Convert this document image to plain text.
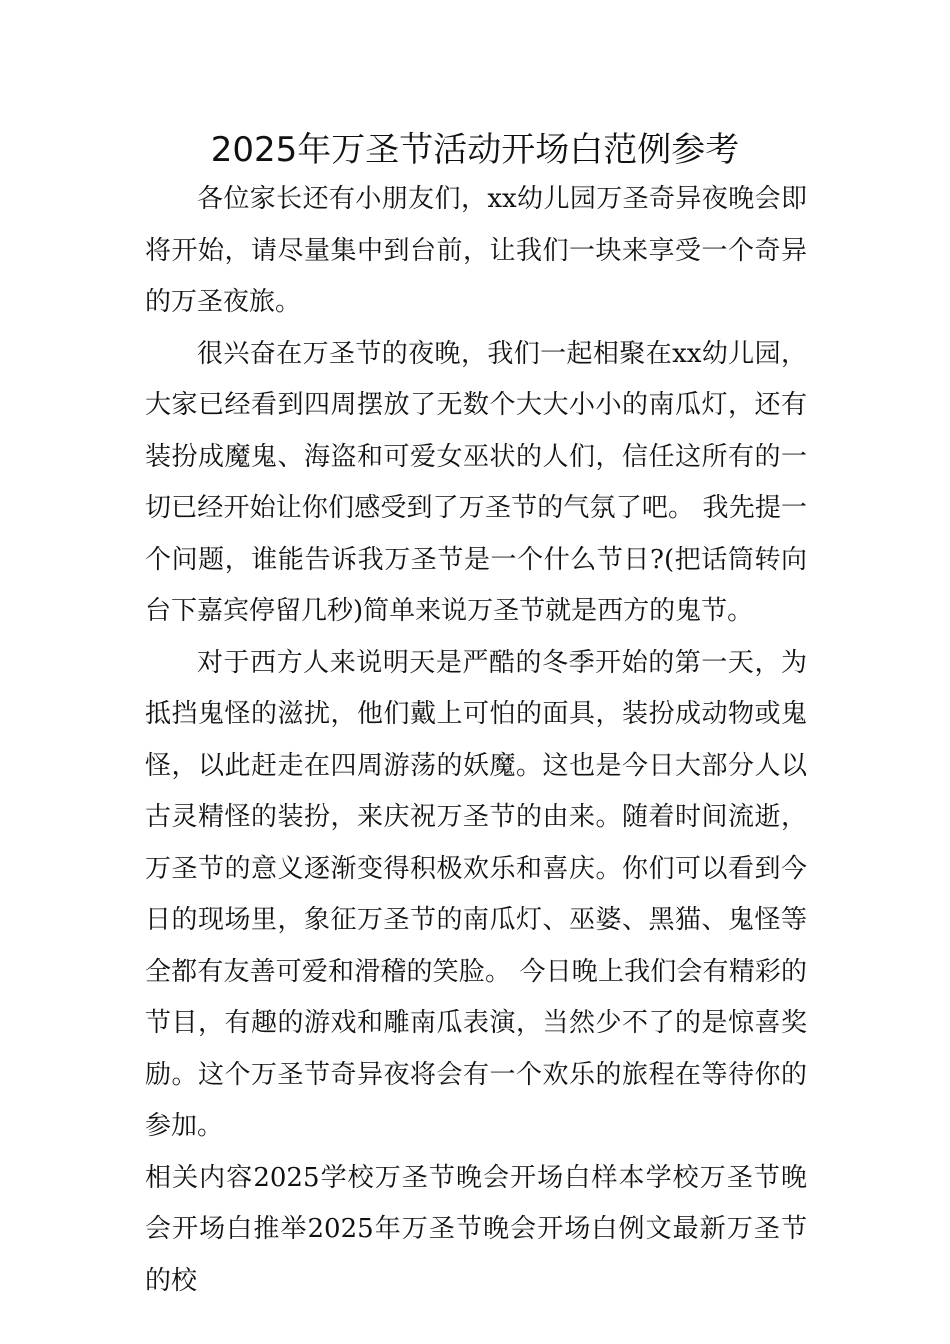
2025年万圣节活动开场白范例参考

各位家长还有小朋友们，xx幼儿园万圣奇异夜晚会即将开始，请尽量集中到台前，让我们一块来享受一个奇异的万圣夜旅。

很兴奋在万圣节的夜晚，我们一起相聚在xx幼儿园，大家已经看到四周摆放了无数个大大小小的南瓜灯，还有装扮成魔鬼、海盗和可爱女巫状的人们，信任这所有的一切已经开始让你们感受到了万圣节的气氛了吧。 我先提一个问题，谁能告诉我万圣节是一个什么节日?(把话筒转向台下嘉宾停留几秒)简单来说万圣节就是西方的鬼节。

对于西方人来说明天是严酷的冬季开始的第一天，为抵挡鬼怪的滋扰，他们戴上可怕的面具，装扮成动物或鬼怪，以此赶走在四周游荡的妖魔。这也是今日大部分人以古灵精怪的装扮，来庆祝万圣节的由来。随着时间流逝，万圣节的意义逐渐变得积极欢乐和喜庆。你们可以看到今日的现场里，象征万圣节的南瓜灯、巫婆、黑猫、鬼怪等全都有友善可爱和滑稽的笑脸。 今日晚上我们会有精彩的节目，有趣的游戏和雕南瓜表演，当然少不了的是惊喜奖励。这个万圣节奇异夜将会有一个欢乐的旅程在等待你的参加。

相关内容2025学校万圣节晚会开场白样本学校万圣节晚会开场白推举2025年万圣节晚会开场白例文最新万圣节的校
